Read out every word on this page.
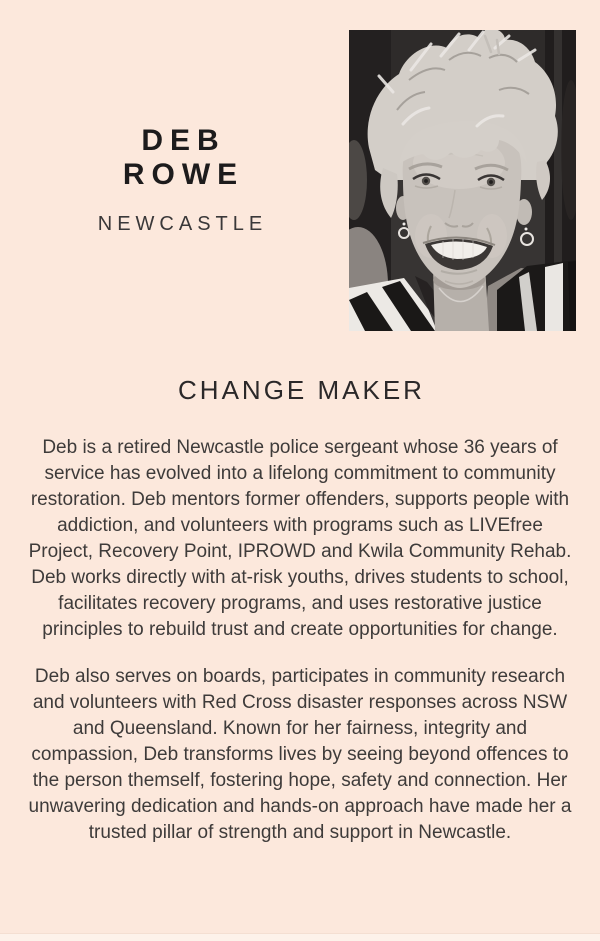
DEB
ROWE
NEWCASTLE
CHANGE MAKER

Deb is a retired Newcastle police sergeant whose 36 years of service has evolved into a lifelong commitment to community restoration. Deb mentors former offenders, supports people with addiction, and volunteers with programs such as LIVEfree Project, Recovery Point, IPROWD and Kwila Community Rehab. Deb works directly with at-risk youths, drives students to school, facilitates recovery programs, and uses restorative justice principles to rebuild trust and create opportunities for change.

Deb also serves on boards, participates in community research and volunteers with Red Cross disaster responses across NSW and Queensland. Known for her fairness, integrity and compassion, Deb transforms lives by seeing beyond offences to the person themself, fostering hope, safety and connection. Her unwavering dedication and hands-on approach have made her a trusted pillar of strength and support in Newcastle.
